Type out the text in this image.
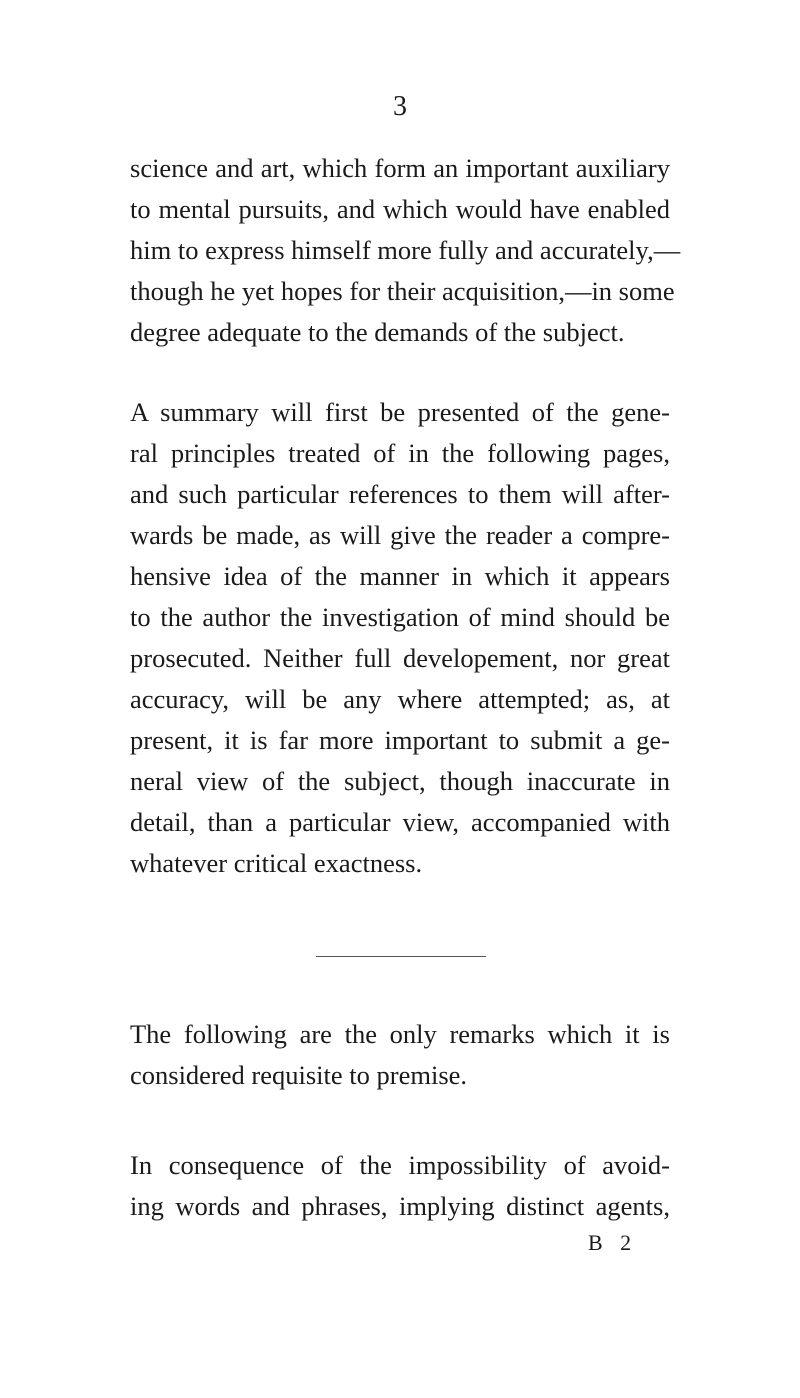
3

science and art, which form an important auxiliary
to mental pursuits, and which would have enabled
him to express himself more fully and accurately,—
though he yet hopes for their acquisition,—in some
degree adequate to the demands of the subject.

A summary will first be presented of the gene-
ral principles treated of in the following pages,
and such particular references to them will after-
wards be made, as will give the reader a compre-
hensive idea of the manner in which it appears
to the author the investigation of mind should be
prosecuted. Neither full developement, nor great
accuracy, will be any where attempted; as, at
present, it is far more important to submit a ge-
neral view of the subject, though inaccurate in
detail, than a particular view, accompanied with
whatever critical exactness.

The following are the only remarks which it is
considered requisite to premise.

In consequence of the impossibility of avoid-
ing words and phrases, implying distinct agents,

B 2
